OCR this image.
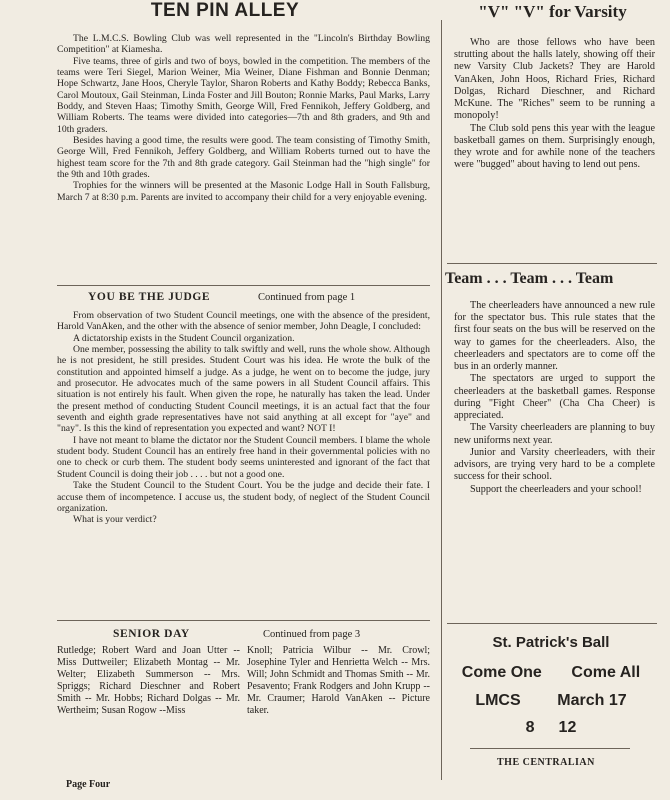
TEN PIN ALLEY

The L.M.C.S. Bowling Club was well represented in the "Lincoln's Birthday Bowling Competition" at Kiamesha.

Five teams, three of girls and two of boys, bowled in the competition. The members of the teams were Teri Siegel, Marion Weiner, Mia Weiner, Diane Fishman and Bonnie Denman; Hope Schwartz, Jane Hoos, Cheryle Taylor, Sharon Roberts and Kathy Boddy; Rebecca Banks, Carol Moutoux, Gail Steinman, Linda Foster and Jill Bouton; Ronnie Marks, Paul Marks, Larry Boddy, and Steven Haas; Timothy Smith, George Will, Fred Fennikoh, Jeffery Goldberg, and William Roberts. The teams were divided into categories—7th and 8th graders, and 9th and 10th graders.

Besides having a good time, the results were good. The team consisting of Timothy Smith, George Will, Fred Fennikoh, Jeffery Goldberg, and William Roberts turned out to have the highest team score for the 7th and 8th grade category. Gail Steinman had the "high single" for the 9th and 10th grades.

Trophies for the winners will be presented at the Masonic Lodge Hall in South Fallsburg, March 7 at 8:30 p.m. Parents are invited to accompany their child for a very enjoyable evening.

YOU BE THE JUDGE	Continued from page 1

From observation of two Student Council meetings, one with the absence of the president, Harold VanAken, and the other with the absence of senior member, John Deagle, I concluded:

A dictatorship exists in the Student Council organization.

One member, possessing the ability to talk swiftly and well, runs the whole show. Although he is not president, he still presides. Student Court was his idea. He wrote the bulk of the constitution and appointed himself a judge. As a judge, he went on to become the judge, jury and prosecutor. He advocates much of the same powers in all Student Council affairs. This situation is not entirely his fault. When given the rope, he naturally has taken the lead. Under the present method of conducting Student Council meetings, it is an actual fact that the four seventh and eighth grade representatives have not said anything at all except for "aye" and "nay". Is this the kind of representation you expected and want? NOT I!

I have not meant to blame the dictator nor the Student Council members. I blame the whole student body. Student Council has an entirely free hand in their governmental policies with no one to check or curb them. The student body seems uninterested and ignorant of the fact that Student Council is doing their job . . . . but not a good one.

Take the Student Council to the Student Court. You be the judge and decide their fate. I accuse them of incompetence. I accuse us, the student body, of neglect of the Student Council organization.

What is your verdict?

SENIOR DAY	Continued from page 3
Rutledge; Robert Ward and Joan Utter -- Miss Duttweiler; Elizabeth Montag -- Mr. Welter; Elizabeth Summerson -- Mrs. Spriggs; Richard Dieschner and Robert Smith -- Mr. Hobbs; Richard Dolgas -- Mr. Wertheim; Susan Rogow --Miss
Knoll; Patricia Wilbur -- Mr. Crowl; Josephine Tyler and Henrietta Welch -- Mrs. Will; John Schmidt and Thomas Smith -- Mr. Pesavento; Frank Rodgers and John Krupp -- Mr. Craumer; Harold VanAken -- Picture taker.
Page Four
"V" "V" for Varsity

Who are those fellows who have been strutting about the halls lately, showing off their new Varsity Club Jackets? They are Harold VanAken, John Hoos, Richard Fries, Richard Dolgas, Richard Dieschner, and Richard McKune. The "Riches" seem to be running a monopoly!

The Club sold pens this year with the league basketball games on them. Surprisingly enough, they wrote and for awhile none of the teachers were "bugged" about having to lend out pens.

Team . . . Team . . . Team

The cheerleaders have announced a new rule for the spectator bus. This rule states that the first four seats on the bus will be reserved on the way to games for the cheerleaders. Also, the cheerleaders and spectators are to come off the bus in an orderly manner.

The spectators are urged to support the cheerleaders at the basketball games. Response during "Fight Cheer" (Cha Cha Cheer) is appreciated.

The Varsity cheerleaders are planning to buy new uniforms next year.

Junior and Varsity cheerleaders, with their advisors, are trying very hard to be a complete success for their school.

Support the cheerleaders and your school!

St. Patrick's Ball
Come One Come All
LMCS March 17
8 12
THE CENTRALIAN
